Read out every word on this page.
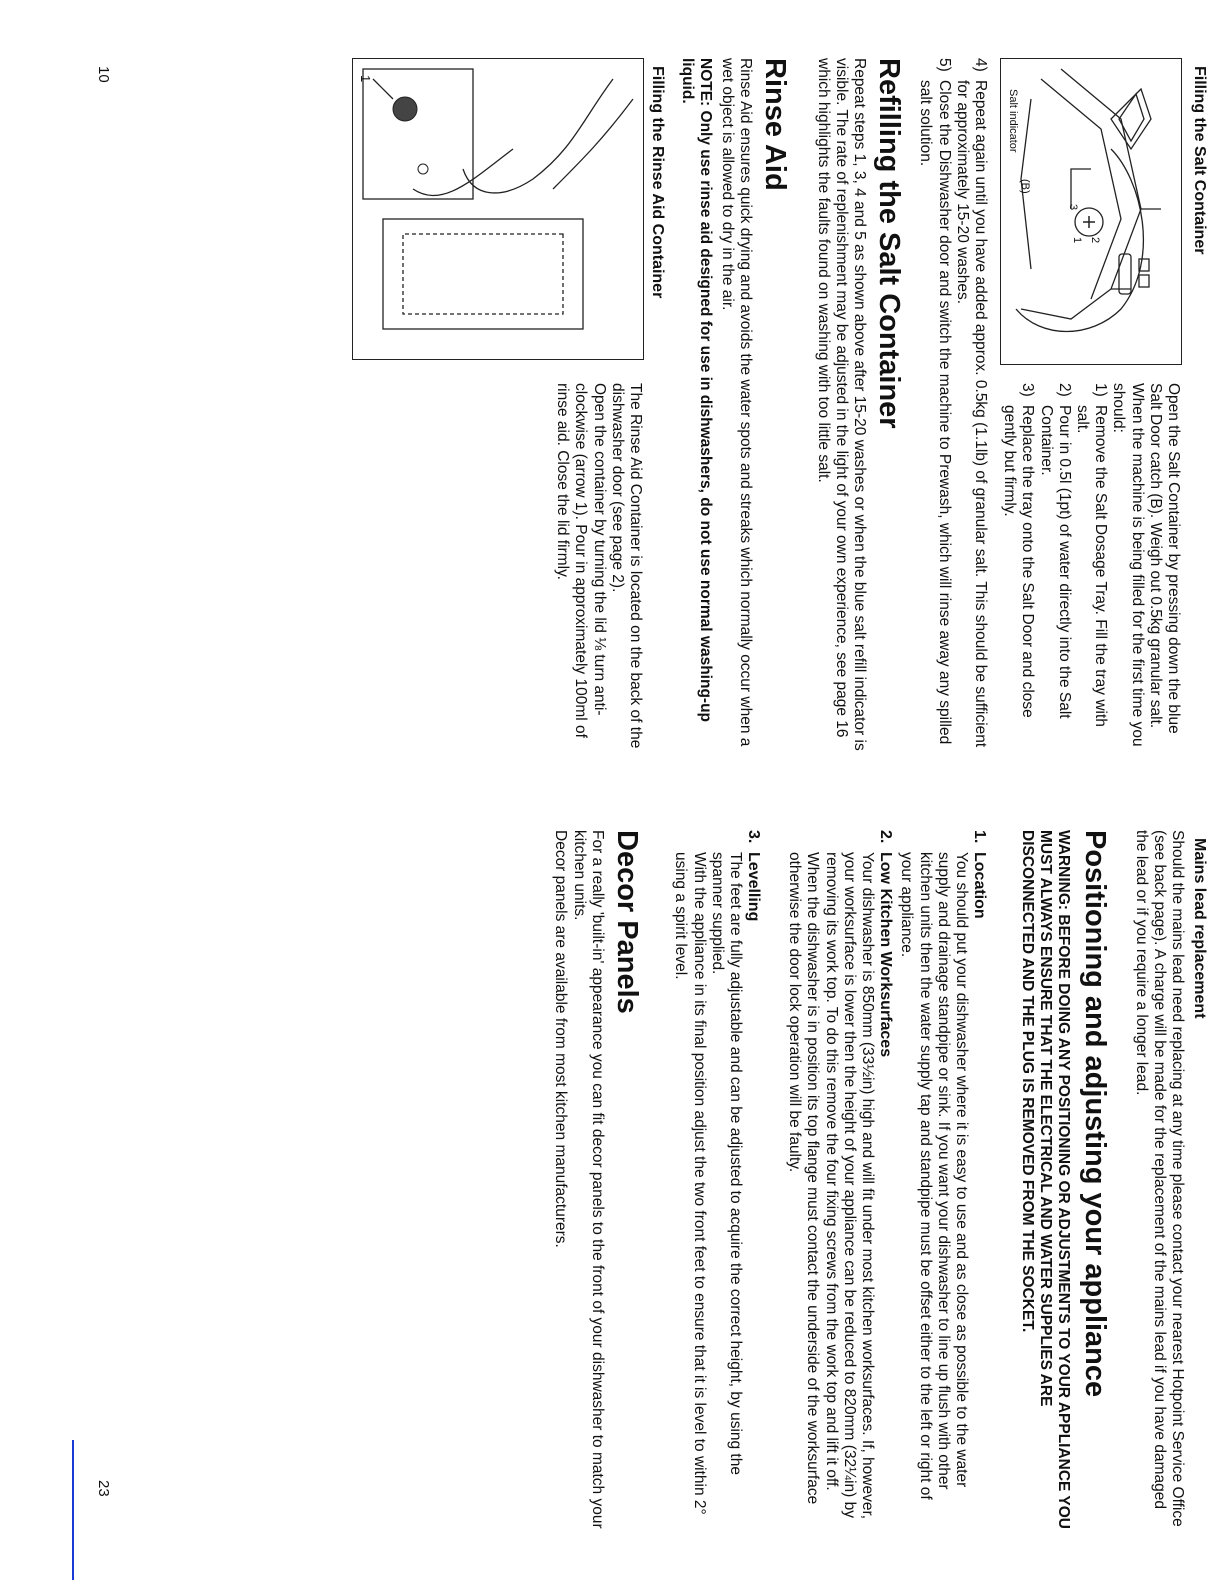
Filling the Salt Container
3
2
1
Salt indicator
(B)

Open the Salt Container by pressing down the blue Salt Door catch (B). Weigh out 0.5kg granular salt. When the machine is being filled for the first time you should:

1)
Remove the Salt Dosage Tray. Fill the tray with salt.
2)
Pour in 0.5l (1pt) of water directly into the Salt Container.
3)
Replace the tray onto the Salt Door and close gently but firmly.
4)
Repeat again until you have added approx. 0.5kg (1.1lb) of granular salt. This should be sufficient for approximately 15-20 washes.
5)
Close the Dishwasher door and switch the machine to Prewash, which will rinse away any spilled salt solution.
Refilling the Salt Container

Repeat steps 1, 3, 4 and 5 as shown above after 15-20 washes or when the blue salt refill indicator is visible. The rate of replenishment may be adjusted in the light of your own experience, see page 16 which highlights the faults found on washing with too little salt.

Rinse Aid

Rinse Aid ensures quick drying and avoids the water spots and streaks which normally occur when a wet object is allowed to dry in the air.

NOTE: Only use rinse aid designed for use in dishwashers, do not use normal washing-up liquid.

Filling the Rinse Aid Container
1

The Rinse Aid Container is located on the back of the dishwasher door (see page 2).

Open the container by turning the lid ⅛ turn anti-clockwise (arrow 1). Pour in approximately 100ml of rinse aid. Close the lid firmly.

10
Mains lead replacement

Should the mains lead need replacing at any time please contact your nearest Hotpoint Service Office (see back page). A charge will be made for the replacement of the mains lead if you have damaged the lead or if you require a longer lead.

Positioning and adjusting your appliance

WARNING: BEFORE DOING ANY POSITIONING OR ADJUSTMENTS TO YOUR APPLIANCE YOU MUST ALWAYS ENSURE THAT THE ELECTRICAL AND WATER SUPPLIES ARE DISCONNECTED AND THE PLUG IS REMOVED FROM THE SOCKET.

1.
Location

You should put your dishwasher where it is easy to use and as close as possible to the water supply and drainage standpipe or sink. If you want your dishwasher to line up flush with other kitchen units then the water supply tap and standpipe must be offset either to the left or right of your appliance.

2.
Low Kitchen Worksurfaces

Your dishwasher is 850mm (33½in) high and will fit under most kitchen worksurfaces. If, however, your worksurface is lower then the height of your appliance can be reduced to 820mm (32¼in) by removing its work top. To do this remove the four fixing screws from the work top and lift it off. When the dishwasher is in position its top flange must contact the underside of the worksurface otherwise the door lock operation will be faulty.

3.
Levelling

The feet are fully adjustable and can be adjusted to acquire the correct height, by using the spanner supplied.

With the appliance in its final position adjust the two front feet to ensure that it is level to within 2° using a spirit level.

Decor Panels

For a really 'built-in' appearance you can fit decor panels to the front of your dishwasher to match your kitchen units.

Decor panels are available from most kitchen manufacturers.

23
